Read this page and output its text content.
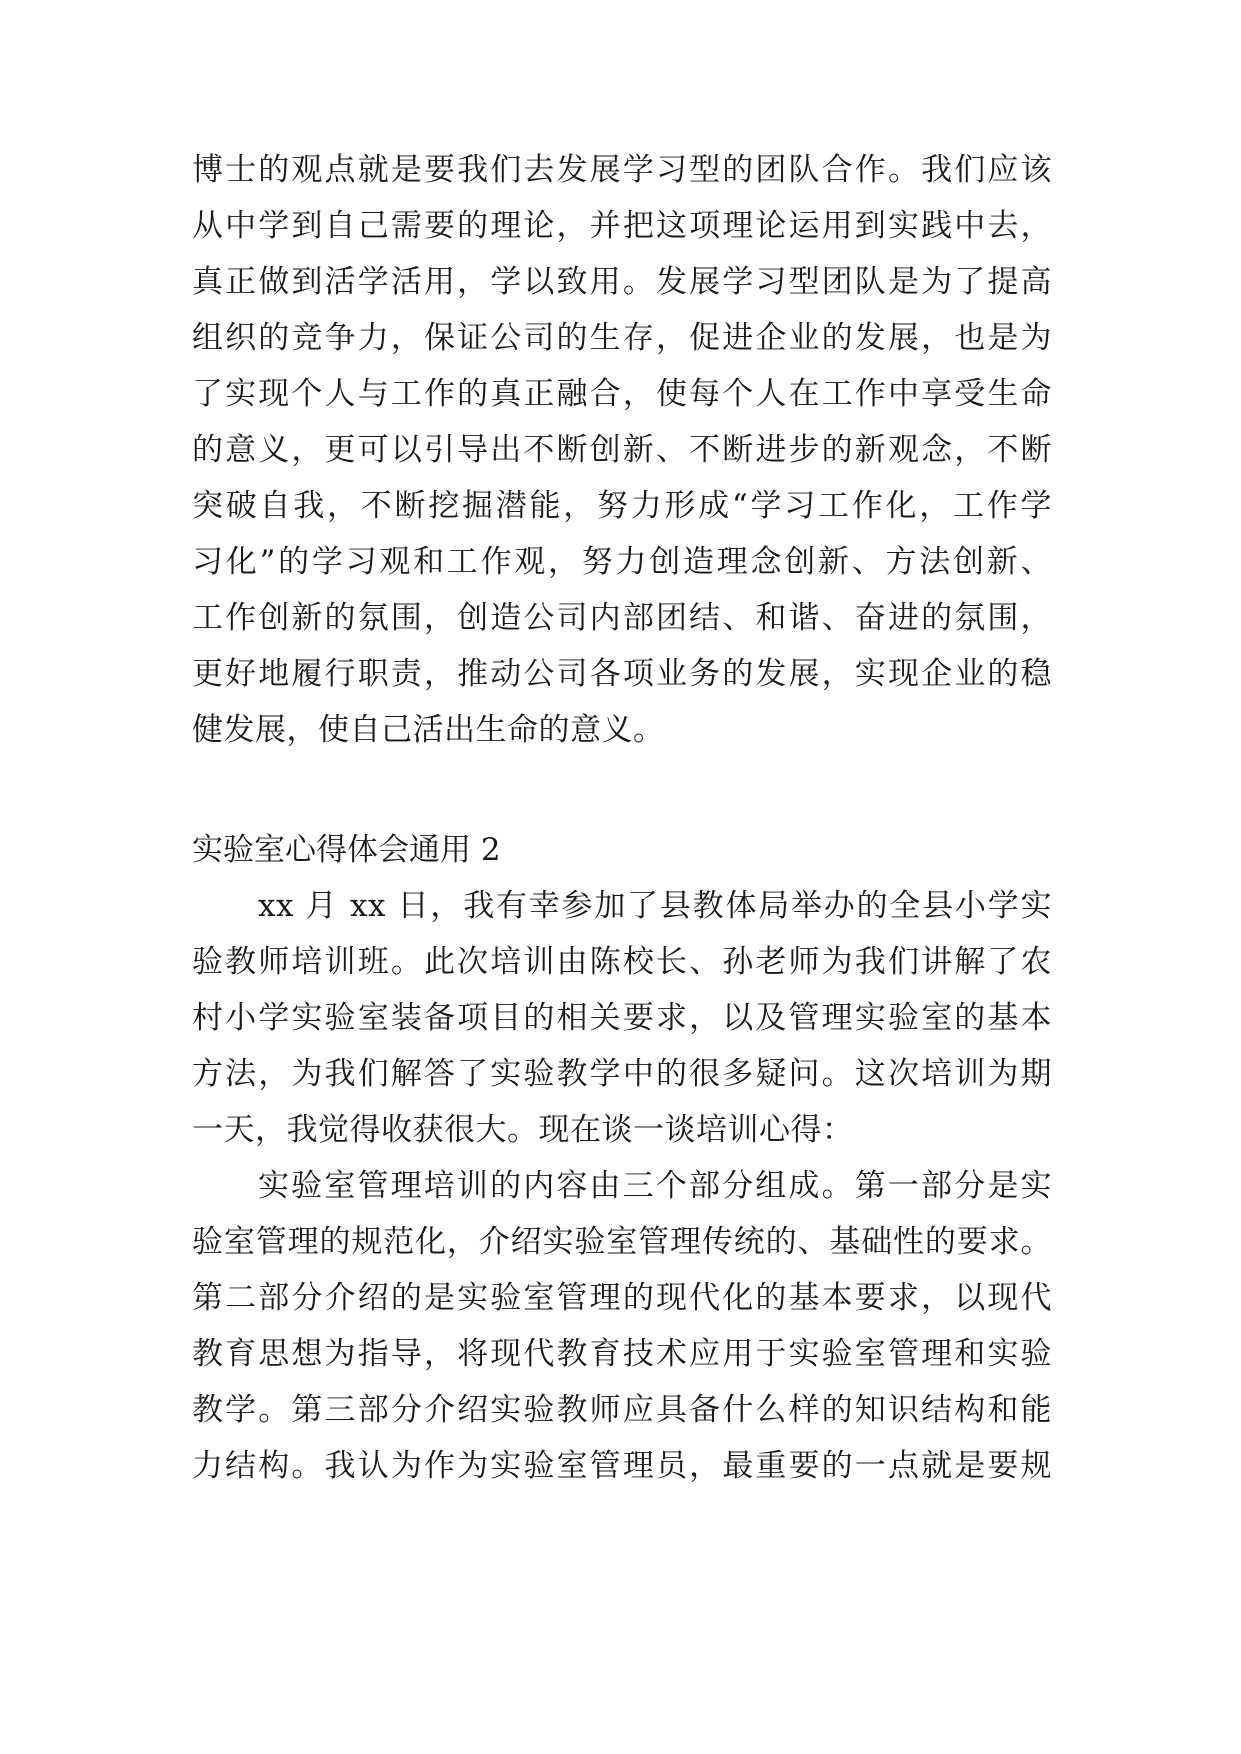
博士的观点就是要我们去发展学习型的团队合作。我们应该
从中学到自己需要的理论，并把这项理论运用到实践中去，
真正做到活学活用，学以致用。发展学习型团队是为了提高
组织的竞争力，保证公司的生存，促进企业的发展，也是为
了实现个人与工作的真正融合，使每个人在工作中享受生命
的意义，更可以引导出不断创新、不断进步的新观念，不断
突破自我，不断挖掘潜能，努力形成“学习工作化，工作学
习化”的学习观和工作观，努力创造理念创新、方法创新、
工作创新的氛围，创造公司内部团结、和谐、奋进的氛围，
更好地履行职责，推动公司各项业务的发展，实现企业的稳
健发展，使自己活出生命的意义。
实验室心得体会通用 2
xx 月 xx 日，我有幸参加了县教体局举办的全县小学实
验教师培训班。此次培训由陈校长、孙老师为我们讲解了农
村小学实验室装备项目的相关要求，以及管理实验室的基本
方法，为我们解答了实验教学中的很多疑问。这次培训为期
一天，我觉得收获很大。现在谈一谈培训心得：
实验室管理培训的内容由三个部分组成。第一部分是实
验室管理的规范化，介绍实验室管理传统的、基础性的要求。
第二部分介绍的是实验室管理的现代化的基本要求，以现代
教育思想为指导，将现代教育技术应用于实验室管理和实验
教学。第三部分介绍实验教师应具备什么样的知识结构和能
力结构。我认为作为实验室管理员，最重要的一点就是要规
